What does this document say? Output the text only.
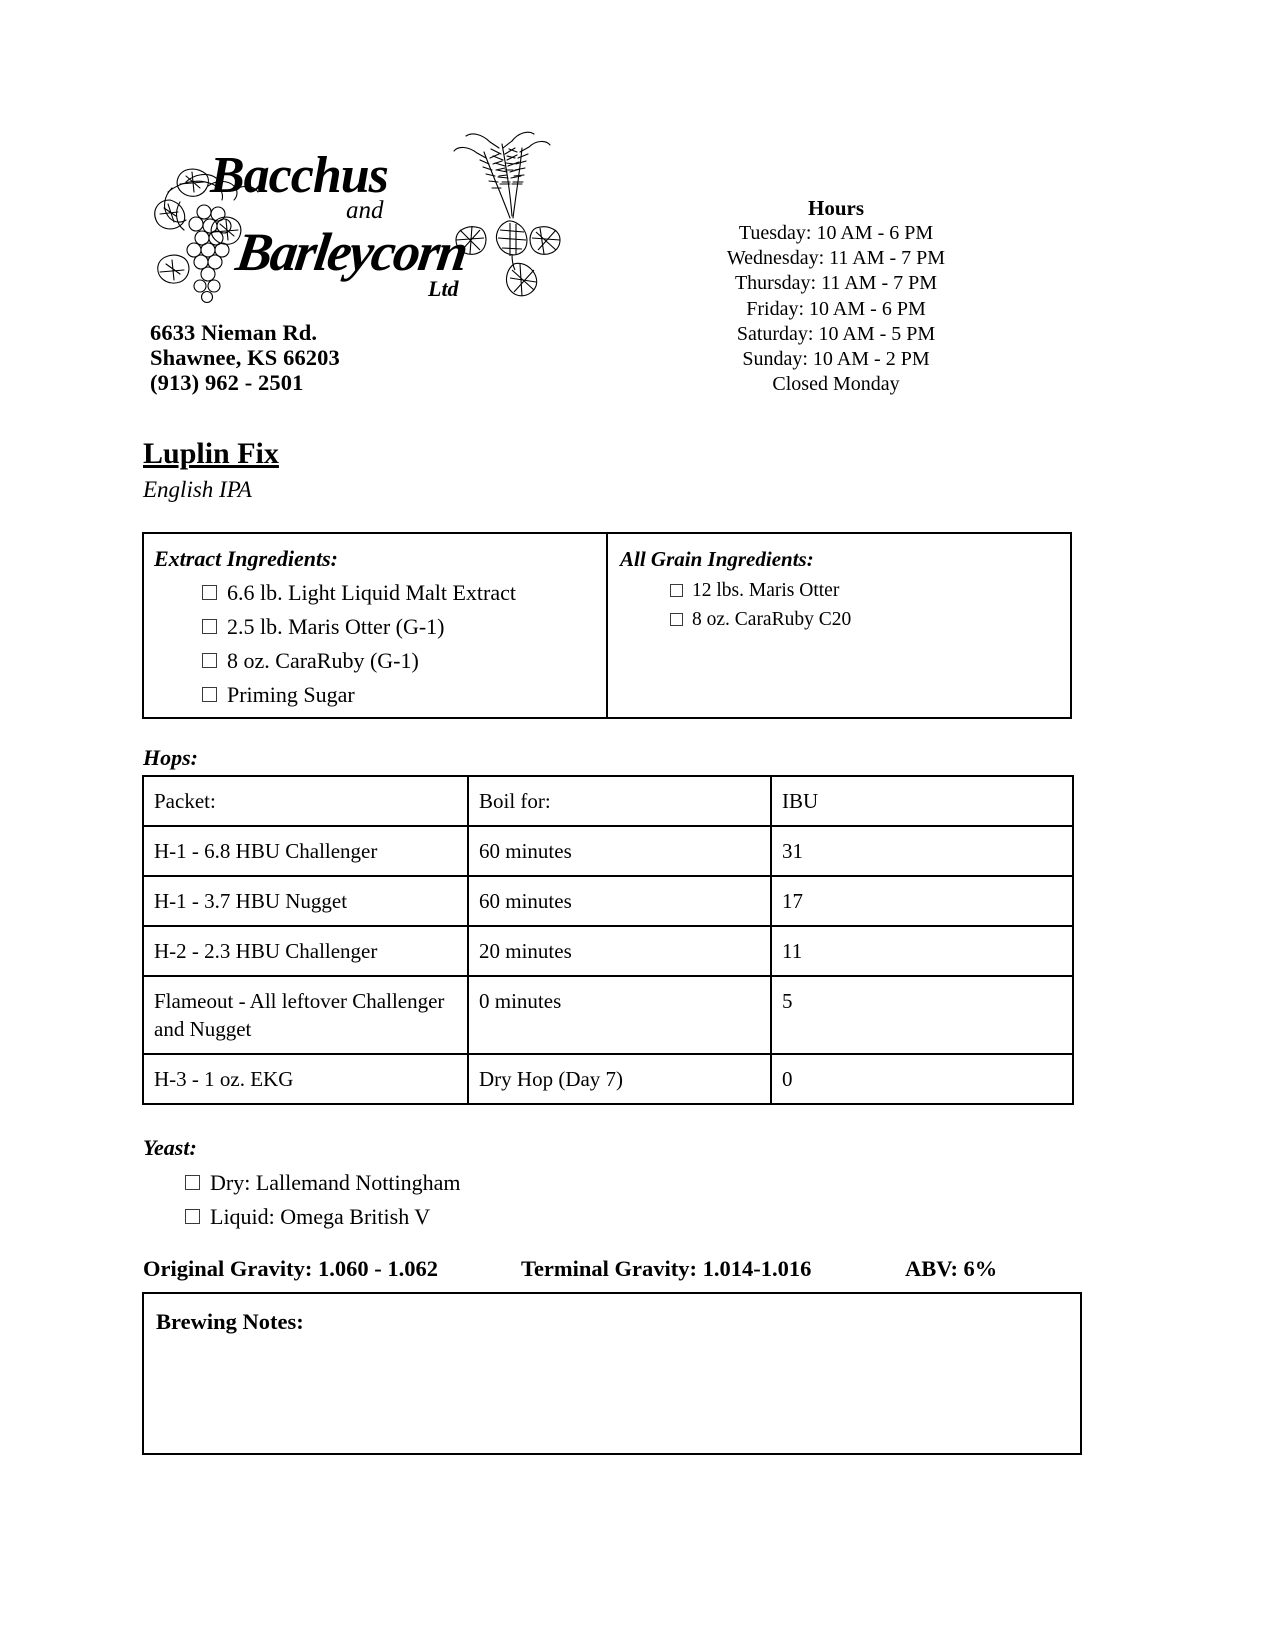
Bacchus
and
Barleycorn
Ltd
6633 Nieman Rd.
Shawnee, KS 66203
(913) 962 - 2501
Hours
Tuesday: 10 AM - 6 PM
Wednesday: 11 AM - 7 PM
Thursday: 11 AM - 7 PM
Friday: 10 AM - 6 PM
Saturday: 10 AM - 5 PM
Sunday: 10 AM - 2 PM
Closed Monday
Luplin Fix
English IPA
Extract Ingredients:
6.6 lb. Light Liquid Malt Extract
2.5 lb. Maris Otter (G-1)
8 oz. CaraRuby (G-1)
Priming Sugar
All Grain Ingredients:
12 lbs. Maris Otter
8 oz. CaraRuby C20
Hops:
Packet:	Boil for:	IBU
H-1 - 6.8 HBU Challenger	60 minutes	31
H-1 - 3.7 HBU Nugget	60 minutes	17
H-2 - 2.3 HBU Challenger	20 minutes	11
Flameout - All leftover Challenger and Nugget	0 minutes	5
H-3 - 1 oz. EKG	Dry Hop (Day 7)	0
Yeast:
Dry: Lallemand Nottingham
Liquid: Omega British V
Original Gravity: 1.060 - 1.062	Terminal Gravity: 1.014-1.016	ABV: 6%
Brewing Notes:
